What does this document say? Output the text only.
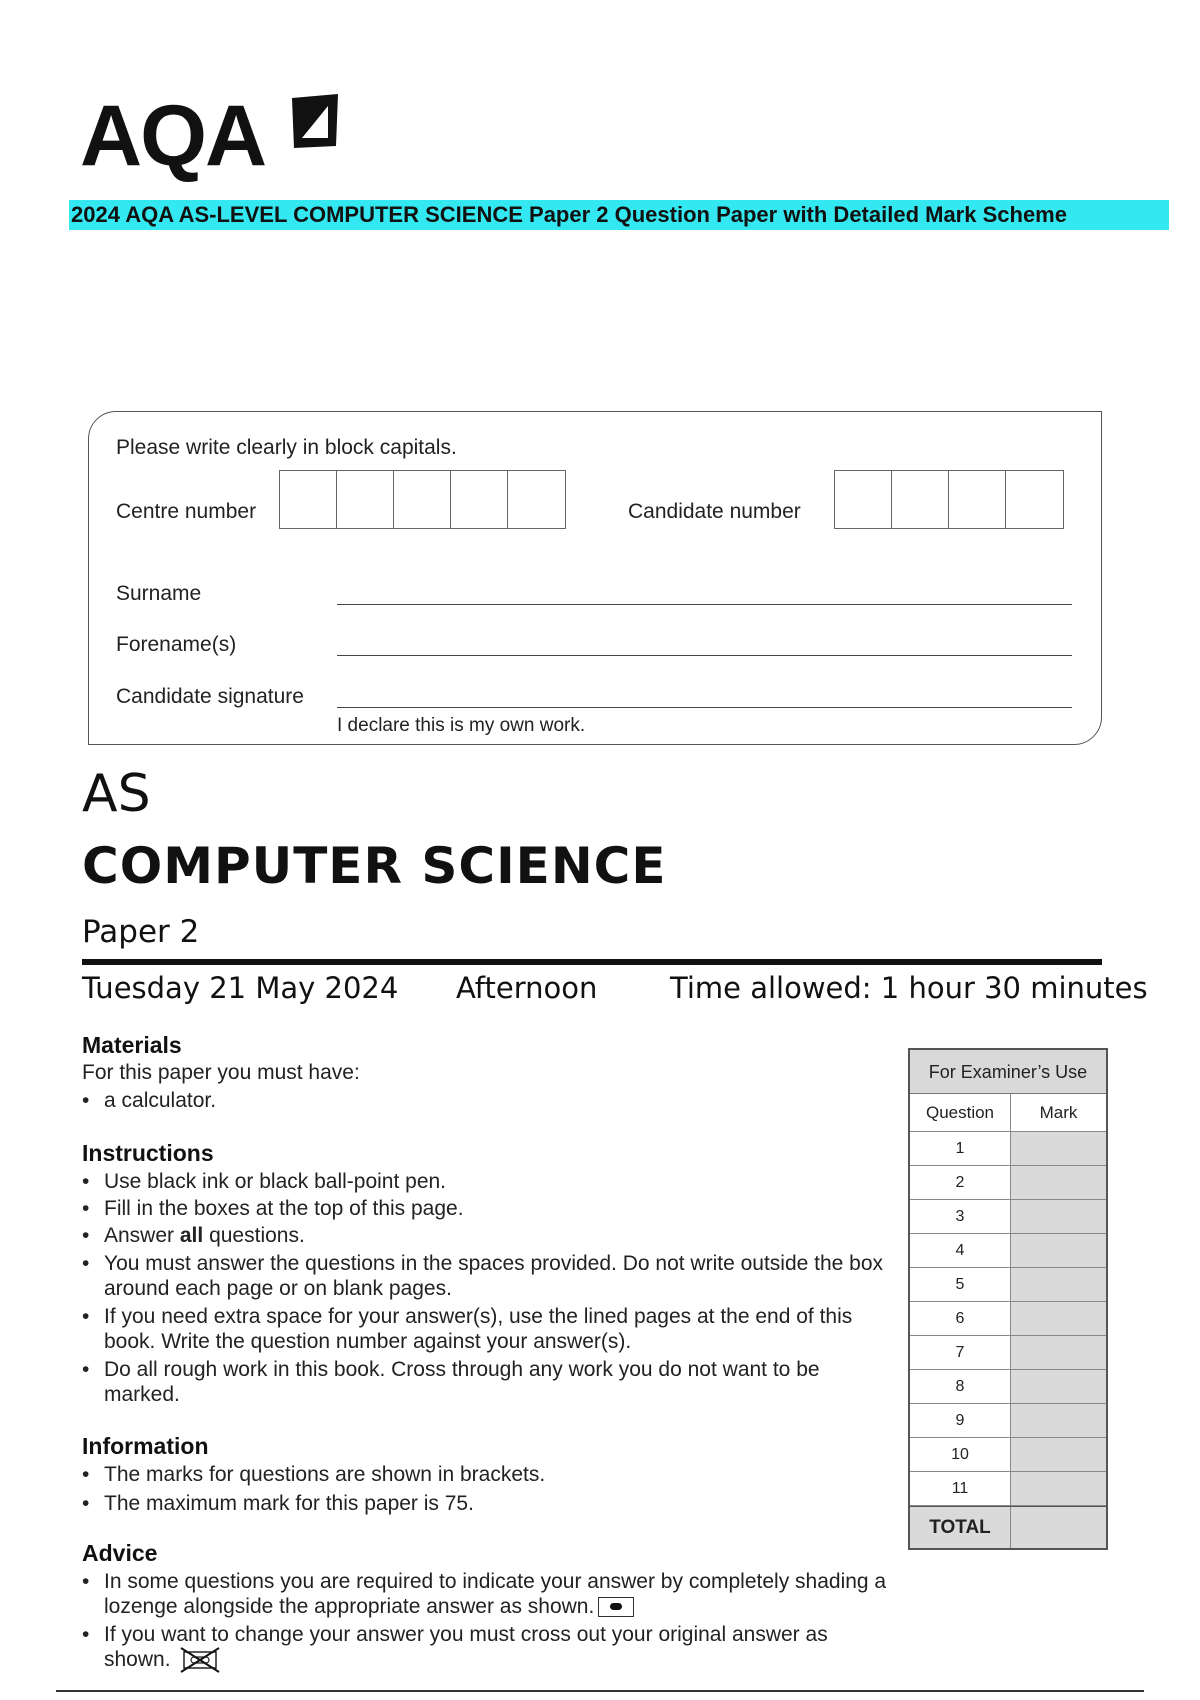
AQA
2024 AQA AS-LEVEL COMPUTER SCIENCE Paper 2 Question Paper with Detailed Mark Scheme
Please write clearly in block capitals.
Centre number	Candidate number
Surname
Forename(s)
Candidate signature
I declare this is my own work.
AS
COMPUTER SCIENCE
Paper 2
Tuesday 21 May 2024 Afternoon	Time allowed: 1 hour 30 minutes
Materials
For this paper you must have:
• a calculator.
Instructions
• Use black ink or black ball-point pen.
• Fill in the boxes at the top of this page.
• Answer all questions.
• You must answer the questions in the spaces provided. Do not write outside the box around each page or on blank pages.
• If you need extra space for your answer(s), use the lined pages at the end of this book. Write the question number against your answer(s).
• Do all rough work in this book. Cross through any work you do not want to be marked.
Information
• The marks for questions are shown in brackets.
• The maximum mark for this paper is 75.
Advice
• In some questions you are required to indicate your answer by completely shading a lozenge alongside the appropriate answer as shown.
• If you want to change your answer you must cross out your original answer as shown.
For Examiner’s Use
Question	Mark
1
2
3
4
5
6
7
8
9
10
11
TOTAL
